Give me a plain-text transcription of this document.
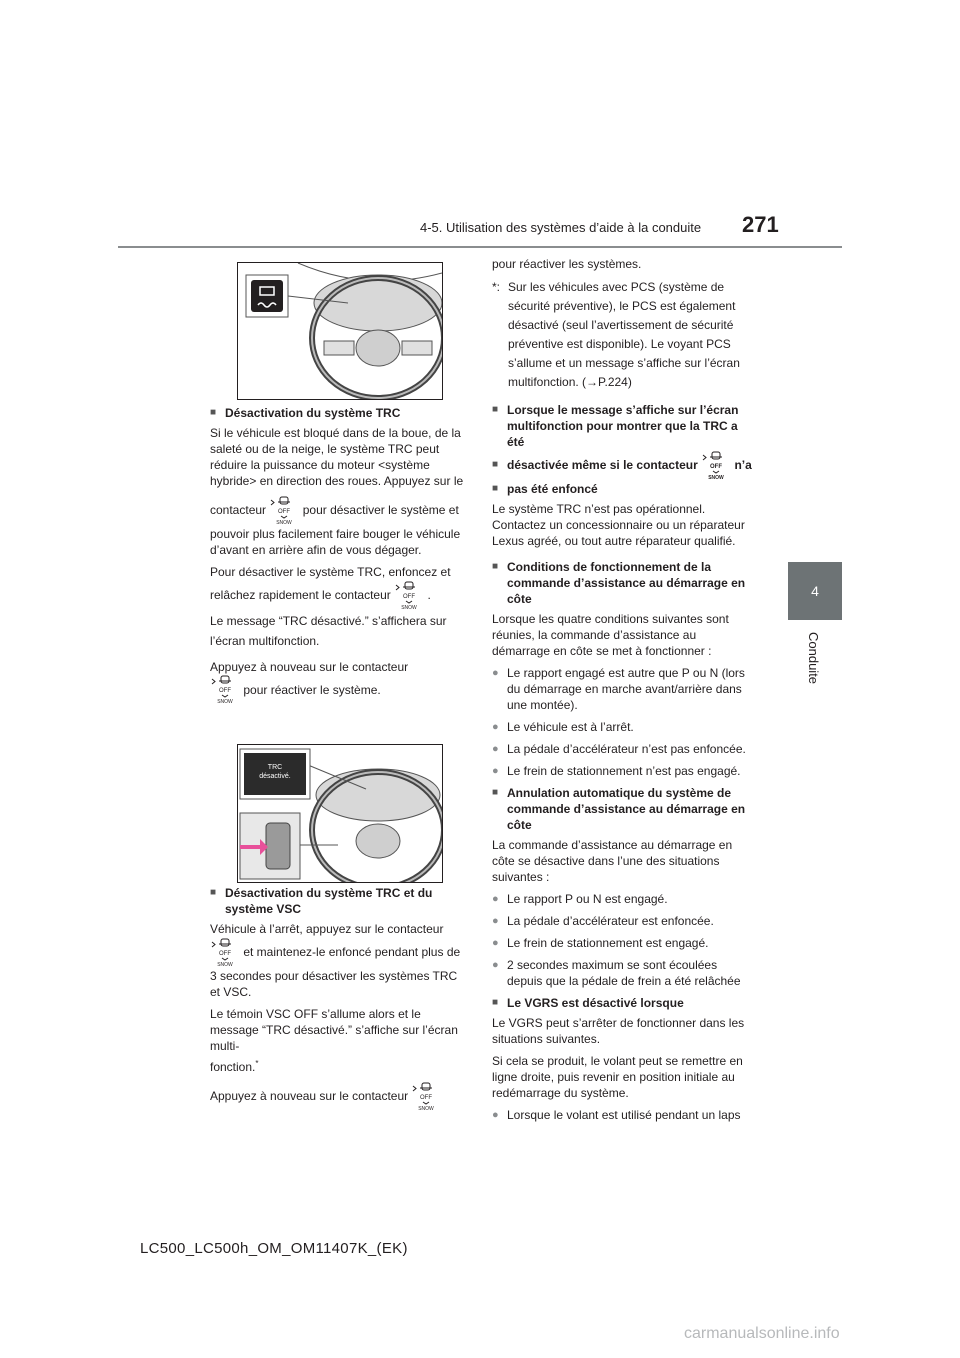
4-5. Utilisation des systèmes d’aide à la conduite 271
4
Conduite
■ Désactivation du système TRC

Si le véhicule est bloqué dans de la boue, de la saleté ou de la neige, le système TRC peut réduire la puissance du moteur <système hybride> en direction des roues. Appuyez sur le

contacteur	pour désactiver le système et

pouvoir plus facilement faire bouger le véhicule d’avant en arrière afin de vous dégager.

Pour désactiver le système TRC, enfoncez et

relâchez rapidement le contacteur	.

Le message “TRC désactivé.” s’affichera sur

l’écran multifonction.

Appuyez à nouveau sur le contacteur

pour réactiver le système.

TRC
désactivé.
■ Désactivation du système TRC et du système VSC

Véhicule à l’arrêt, appuyez sur le contacteur

et maintenez-le enfoncé pendant plus de

3 secondes pour désactiver les systèmes TRC et VSC.

Le témoin VSC OFF s’allume alors et le message “TRC désactivé.” s’affiche sur l’écran multi-

fonction.*

Appuyez à nouveau sur le contacteur

pour réactiver les systèmes.

*: Sur les véhicules avec PCS (système de sécurité préventive), le PCS est également désactivé (seul l’avertissement de sécurité préventive est disponible). Le voyant PCS s’allume et un message s’affiche sur l’écran multifonction. (→P.224)
■ Lorsque le message s’affiche sur l’écran multifonction pour montrer que la TRC a été
■ désactivée même si le contacteur	n’a
■ pas été enfoncé

Le système TRC n’est pas opérationnel. Contactez un concessionnaire ou un réparateur Lexus agréé, ou tout autre réparateur qualifié.

■ Conditions de fonctionnement de la commande d’assistance au démarrage en côte

Lorsque les quatre conditions suivantes sont réunies, la commande d’assistance au démarrage en côte se met à fonctionner :

● Le rapport engagé est autre que P ou N (lors du démarrage en marche avant/arrière dans une montée).
● Le véhicule est à l’arrêt.
● La pédale d’accélérateur n’est pas enfoncée.
● Le frein de stationnement n’est pas engagé.
■ Annulation automatique du système de commande d’assistance au démarrage en côte

La commande d’assistance au démarrage en côte se désactive dans l’une des situations suivantes :

● Le rapport P ou N est engagé.
● La pédale d’accélérateur est enfoncée.
● Le frein de stationnement est engagé.
● 2 secondes maximum se sont écoulées depuis que la pédale de frein a été relâchée
■ Le VGRS est désactivé lorsque

Le VGRS peut s’arrêter de fonctionner dans les situations suivantes.

Si cela se produit, le volant peut se remettre en ligne droite, puis revenir en position initiale au redémarrage du système.

● Lorsque le volant est utilisé pendant un laps
LC500_LC500h_OM_OM11407K_(EK)
carmanualsonline.info
